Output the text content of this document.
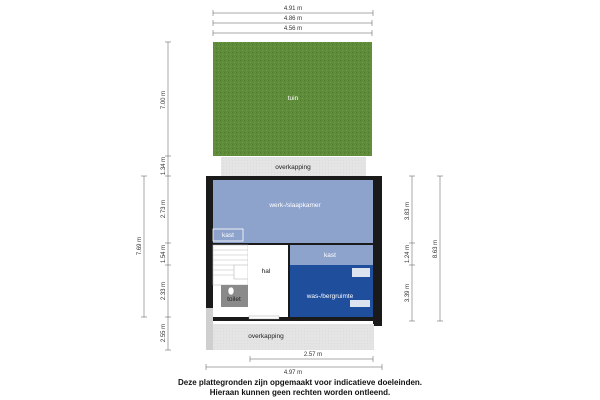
4.91 m
4.86 m
4.56 m
tuin
overkapping
werk-/slaapkamer
kast
kast
hal
toilet	was-/bergruimte
overkapping
2.57 m
4.97 m
7.00 m
1.34 m
2.73 m
1.54 m
2.33 m
2.55 m
7.69 m
3.83 m
1.24 m
3.39 m
8.63 m
Deze plattegronden zijn opgemaakt voor indicatieve doeleinden.
Hieraan kunnen geen rechten worden ontleend.
